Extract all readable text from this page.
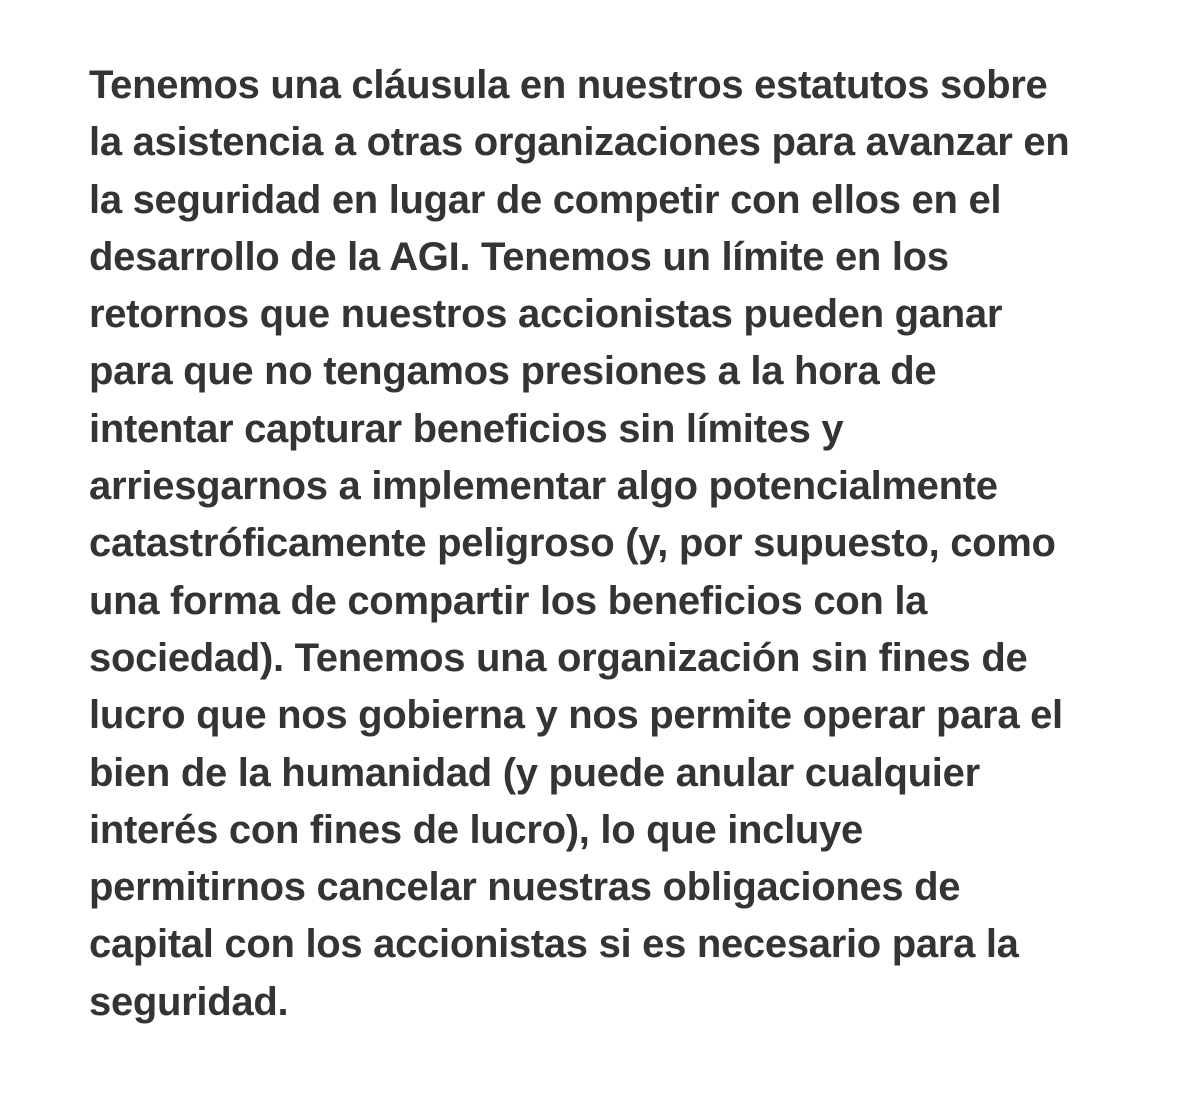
Tenemos una cláusula en nuestros estatutos sobre
la asistencia a otras organizaciones para avanzar en
la seguridad en lugar de competir con ellos en el
desarrollo de la AGI. Tenemos un límite en los
retornos que nuestros accionistas pueden ganar
para que no tengamos presiones a la hora de
intentar capturar beneficios sin límites y
arriesgarnos a implementar algo potencialmente
catastróficamente peligroso (y, por supuesto, como
una forma de compartir los beneficios con la
sociedad). Tenemos una organización sin fines de
lucro que nos gobierna y nos permite operar para el
bien de la humanidad (y puede anular cualquier
interés con fines de lucro), lo que incluye
permitirnos cancelar nuestras obligaciones de
capital con los accionistas si es necesario para la
seguridad.
